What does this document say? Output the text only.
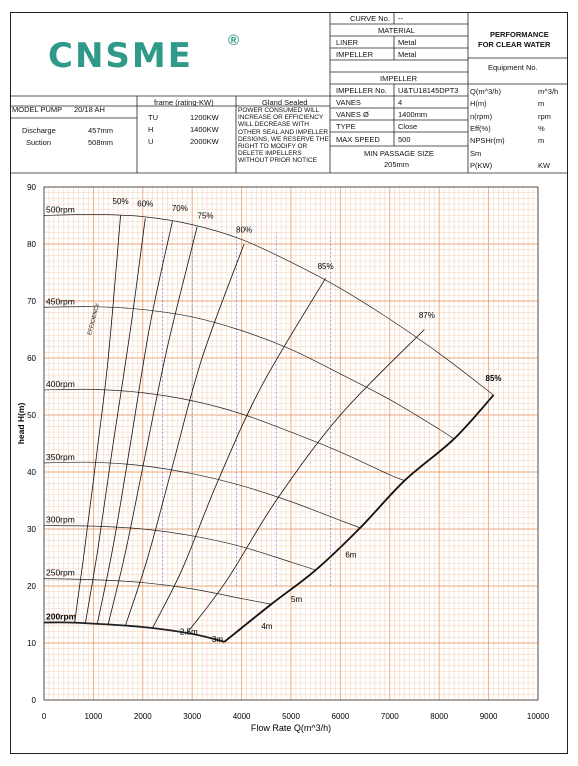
CNSME ®
CURVE No. --
MATERIAL
LINER	Metal
IMPELLER	Metal
IMPELLER
IMPELLER No. U&TU18145DPT3
VANES	4
VANES Ø	1400mm
TYPE	Close
MAX SPEED 500
MIN PASSAGE SIZE
205mm
PERFORMANCE
FOR CLEAR WATER
Equipment No.
Q(m^3/h)	m^3/h
H(m)	m
n(rpm)	rpm
Eff(%)	%
NPSHr(m)	m
Sm
P(KW)	KW
MODEL PUMP 20/18 AH
frame (rating-KW)	Gland Sealed
Discharge	457mm
Suction	508mm
TU	1200KW
H	1400KW
U	2000KW
POWER CONSUMED WILL INCREASE OR EFFICIENCY WILL DECREASE WITH OTHER SEAL AND IMPELLER DESIGNS, WE RESERVE THE RIGHT TO MODIFY OR DELETE IMPELLERS WITHOUT PRIOR NOTICE
0	1000	2000	3000	4000	5000	6000	7000	8000	9000	10000
0
10
20
30
40
50
60
70
80
90
Flow Rate Q(m^3/h)
head H(m)
500rpm
450rpm
400rpm
350rpm
300rpm
250rpm
200rpm
50% 60%
70%
75%
80%
85%
87%
85%
EFFICIENCY
2.5m
3m
4m
5m
6m
